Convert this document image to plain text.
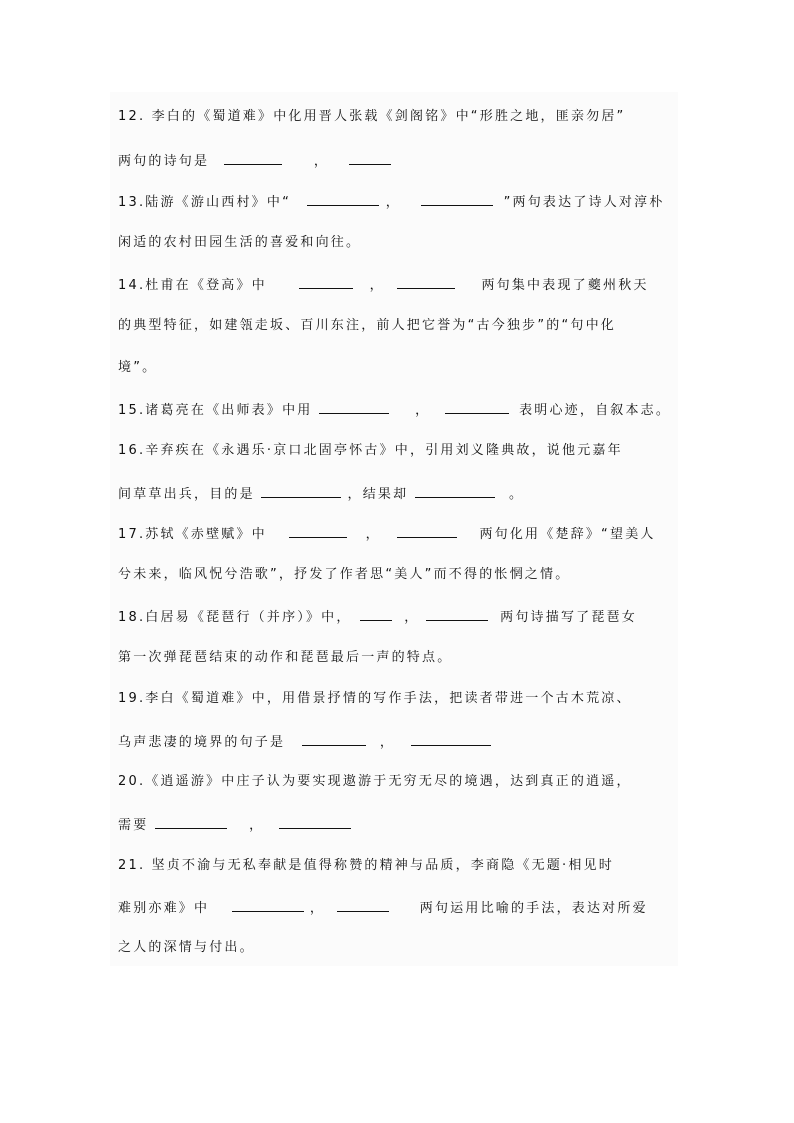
12. 李白的《蜀道难》中化用晋人张载《剑阁铭》中“形胜之地，匪亲勿居”
两句的诗句是	，
13.陆游《游山西村》中“	，	”两句表达了诗人对淳朴
闲适的农村田园生活的喜爱和向往。
14.杜甫在《登高》中	，	两句集中表现了夔州秋天
的典型特征，如建瓴走坂、百川东注，前人把它誉为“古今独步”的“句中化
境”。
15.诸葛亮在《出师表》中用	，	表明心迹，自叙本志。
16.辛弃疾在《永遇乐·京口北固亭怀古》中，引用刘义隆典故，说他元嘉年
间草草出兵，目的是	，结果却	。
17.苏轼《赤壁赋》中	，	两句化用《楚辞》“望美人
兮未来，临风怳兮浩歌”，抒发了作者思“美人”而不得的怅惘之情。
18.白居易《琵琶行（并序）》中，	，	两句诗描写了琵琶女
第一次弹琵琶结束的动作和琵琶最后一声的特点。
19.李白《蜀道难》中，用借景抒情的写作手法，把读者带进一个古木荒凉、
乌声悲凄的境界的句子是	，
20.《逍遥游》中庄子认为要实现遨游于无穷无尽的境遇，达到真正的逍遥，
需要	，
21. 坚贞不渝与无私奉献是值得称赞的精神与品质，李商隐《无题·相见时
难别亦难》中	，	两句运用比喻的手法，表达对所爱
之人的深情与付出。
